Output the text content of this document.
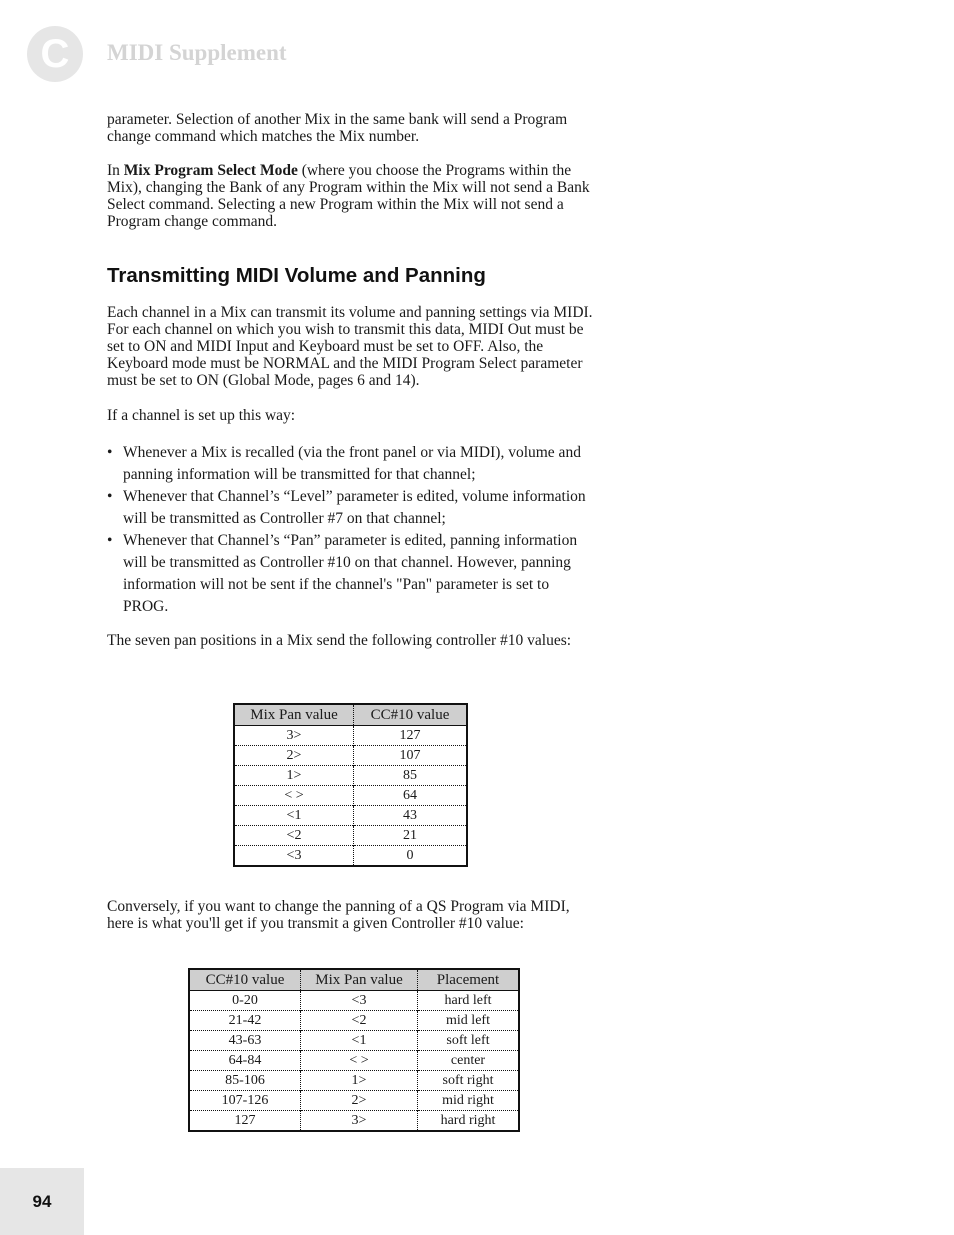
C MIDI Supplement

parameter. Selection of another Mix in the same bank will send a Program change command which matches the Mix number.

In Mix Program Select Mode (where you choose the Programs within the Mix), changing the Bank of any Program within the Mix will not send a Bank Select command. Selecting a new Program within the Mix will not send a Program change command.

Transmitting MIDI Volume and Panning

Each channel in a Mix can transmit its volume and panning settings via MIDI. For each channel on which you wish to transmit this data, MIDI Out must be set to ON and MIDI Input and Keyboard must be set to OFF. Also, the Keyboard mode must be NORMAL and the MIDI Program Select parameter must be set to ON (Global Mode, pages 6 and 14).

If a channel is set up this way:

• Whenever a Mix is recalled (via the front panel or via MIDI), volume and panning information will be transmitted for that channel;
• Whenever that Channel’s “Level” parameter is edited, volume information will be transmitted as Controller #7 on that channel;
• Whenever that Channel’s “Pan” parameter is edited, panning information will be transmitted as Controller #10 on that channel. However, panning information will not be sent if the channel's "Pan" parameter is set to PROG.

The seven pan positions in a Mix send the following controller #10 values:

Mix Pan value	CC#10 value
3>	127
2>	107
1>	85
< >	64
<1	43
<2	21
<3	0

Conversely, if you want to change the panning of a QS Program via MIDI, here is what you'll get if you transmit a given Controller #10 value:

CC#10 value	Mix Pan value	Placement
0-20	<3	hard left
21-42	<2	mid left
43-63	<1	soft left
64-84	< >	center
85-106	1>	soft right
107-126	2>	mid right
127	3>	hard right
94
